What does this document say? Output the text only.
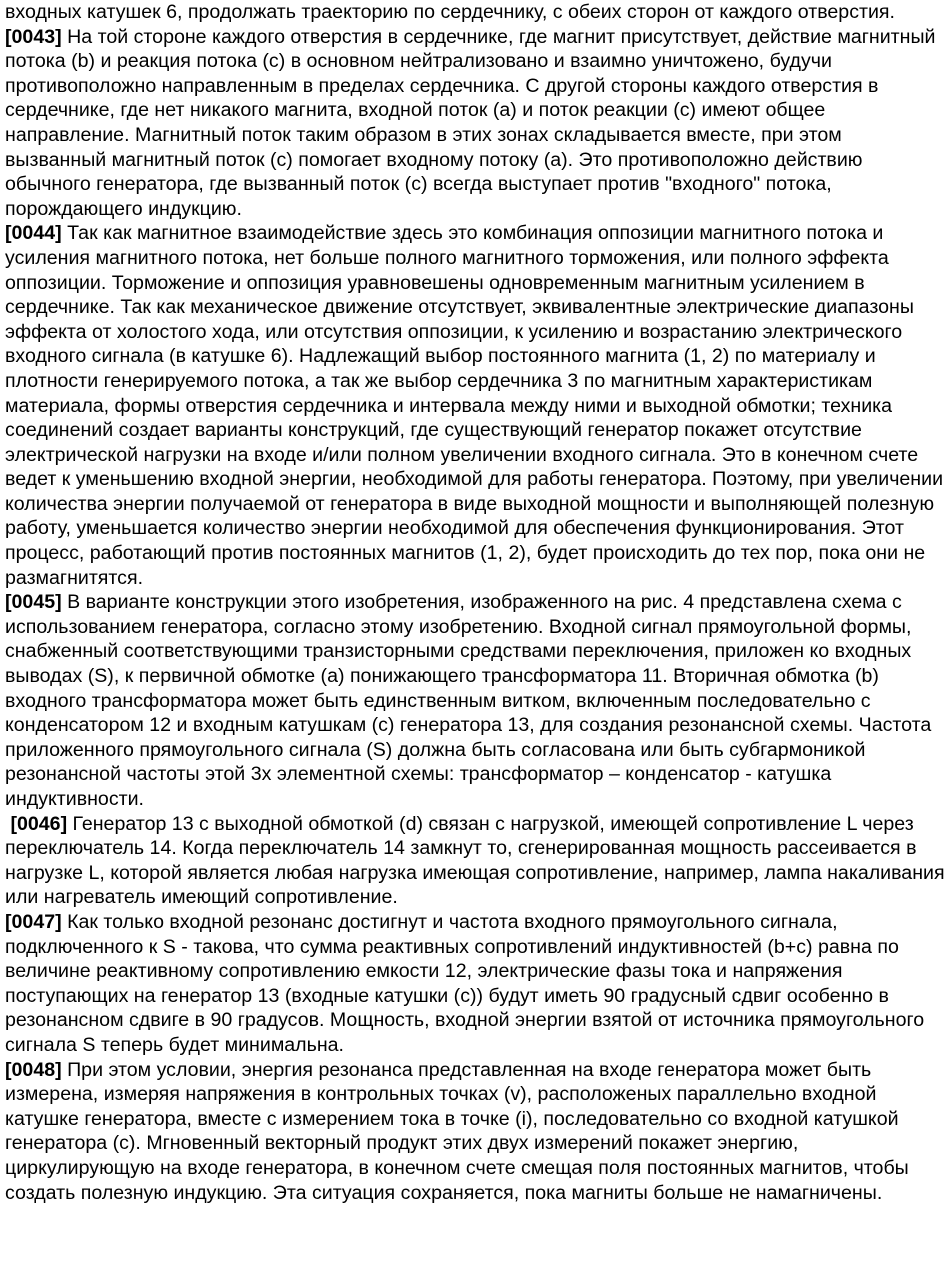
входных катушек 6, продолжать траекторию по сердечнику, с обеих сторон от каждого отверстия.

[0043] На той стороне каждого отверстия в сердечнике, где магнит присутствует, действие магнитный потока (b) и реакция потока (с) в основном нейтрализовано и взаимно уничтожено, будучи противоположно направленным в пределах сердечника. С другой стороны каждого отверстия в сердечнике, где нет никакого магнита, входной поток (а) и поток реакции (с) имеют общее направление. Магнитный поток таким образом в этих зонах складывается вместе, при этом вызванный магнитный поток (с) помогает входному потоку (а). Это противоположно действию обычного генератора, где вызванный поток (с) всегда выступает против "входного" потока, порождающего индукцию.

[0044] Так как магнитное взаимодействие здесь это комбинация оппозиции магнитного потока и усиления магнитного потока, нет больше полного магнитного торможения, или полного эффекта оппозиции. Торможение и оппозиция уравновешены одновременным магнитным усилением в сердечнике. Так как механическое движение отсутствует, эквивалентные электрические диапазоны эффекта от холостого хода, или отсутствия оппозиции, к усилению и возрастанию электрического входного сигнала (в катушке 6). Надлежащий выбор постоянного магнита (1, 2) по материалу и плотности генерируемого потока, а так же выбор сердечника 3 по магнитным характеристикам материала, формы отверстия сердечника и интервала между ними и выходной обмотки; техника соединений создает варианты конструкций, где существующий генератор покажет отсутствие электрической нагрузки на входе и/или полном увеличении входного сигнала. Это в конечном счете ведет к уменьшению входной энергии, необходимой для работы генератора. Поэтому, при увеличении количества энергии получаемой от генератора в виде выходной мощности и выполняющей полезную работу, уменьшается количество энергии необходимой для обеспечения функционирования. Этот процесс, работающий против постоянных магнитов (1, 2), будет происходить до тех пор, пока они не размагнитятся.

[0045] В варианте конструкции этого изобретения, изображенного на рис. 4 представлена схема с использованием генератора, согласно этому изобретению. Входной сигнал прямоугольной формы, снабженный соответствующими транзисторными средствами переключения, приложен ко входных выводах (S), к первичной обмотке (а) понижающего трансформатора 11. Вторичная обмотка (b) входного трансформатора может быть единственным витком, включенным последовательно с конденсатором 12 и входным катушкам (с) генератора 13, для создания резонансной схемы. Частота приложенного прямоугольного сигнала (S) должна быть согласована или быть субгармоникой резонансной частоты этой 3х элементной схемы: трансформатор – конденсатор - катушка индуктивности.

[0046] Генератор 13 с выходной обмоткой (d) связан с нагрузкой, имеющей сопротивление L через переключатель 14. Когда переключатель 14 замкнут то, сгенерированная мощность рассеивается в нагрузке L, которой является любая нагрузка имеющая сопротивление, например, лампа накаливания или нагреватель имеющий сопротивление.

[0047] Как только входной резонанс достигнут и частота входного прямоугольного сигнала, подключенного к S - такова, что сумма реактивных сопротивлений индуктивностей (b+c) равна по величине реактивному сопротивлению емкости 12, электрические фазы тока и напряжения поступающих на генератор 13 (входные катушки (с)) будут иметь 90 градусный сдвиг особенно в резонансном сдвиге в 90 градусов. Мощность, входной энергии взятой от источника прямоугольного сигнала S теперь будет минимальна.

[0048] При этом условии, энергия резонанса представленная на входе генератора может быть измерена, измеряя напряжения в контрольных точках (v), расположеных параллельно входной катушке генератора, вместе с измерением тока в точке (i), последовательно со входной катушкой генератора (с). Мгновенный векторный продукт этих двух измерений покажет энергию, циркулирующую на входе генератора, в конечном счете смещая поля постоянных магнитов, чтобы создать полезную индукцию. Эта ситуация сохраняется, пока магниты больше не намагничены.
